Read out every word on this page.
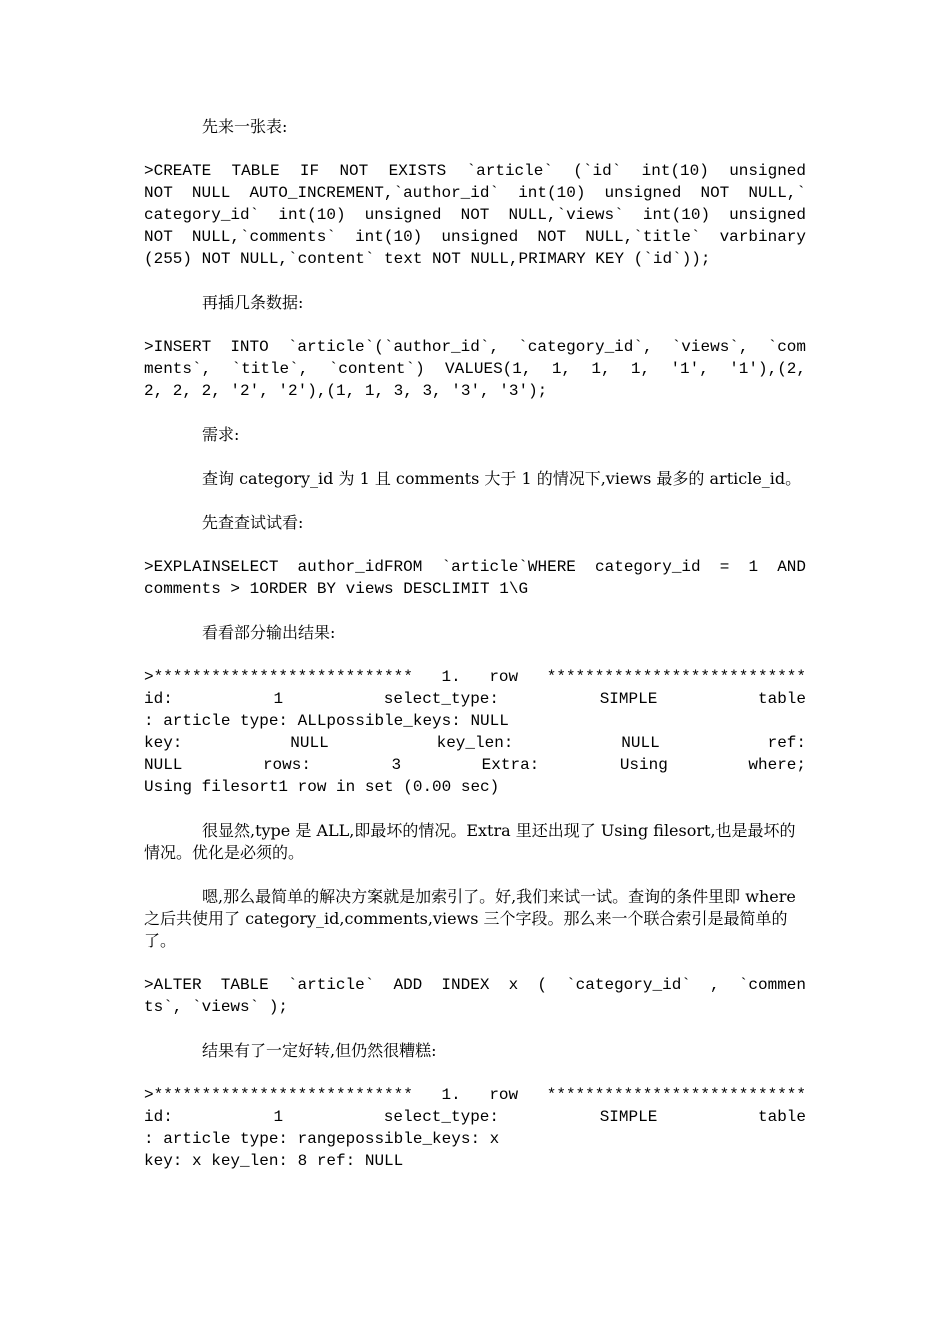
先来一张表:

>CREATE TABLE IF NOT EXISTS `article` (`id` int(10) unsigned
NOT NULL AUTO_INCREMENT,`author_id` int(10) unsigned NOT NULL,`
category_id` int(10) unsigned NOT NULL,`views` int(10) unsigned
NOT NULL,`comments` int(10) unsigned NOT NULL,`title` varbinary
(255) NOT NULL,`content` text NOT NULL,PRIMARY KEY (`id`));

再插几条数据:

>INSERT INTO `article`(`author_id`, `category_id`, `views`, `com
ments`, `title`, `content`) VALUES(1, 1, 1, 1, '1', '1'),(2,
2, 2, 2, '2', '2'),(1, 1, 3, 3, '3', '3');

需求:

查询 category_id 为 1 且 comments 大于 1 的情况下,views 最多的 article_id。

先查查试试看:

>EXPLAINSELECT author_idFROM `article`WHERE category_id = 1 AND
comments > 1ORDER BY views DESCLIMIT 1\G

看看部分输出结果:

>*************************** 1. row ***************************
id: 1 select_type: SIMPLE table
: article type: ALLpossible_keys: NULL
key: NULL key_len: NULL ref:
NULL rows: 3 Extra: Using where;
Using filesort1 row in set (0.00 sec)

很显然,type 是 ALL,即最坏的情况。Extra 里还出现了 Using filesort,也是最坏的情况。优化是必须的。

嗯,那么最简单的解决方案就是加索引了。好,我们来试一试。查询的条件里即 where 之后共使用了 category_id,comments,views 三个字段。那么来一个联合索引是最简单的了。

>ALTER TABLE `article` ADD INDEX x ( `category_id` , `commen
ts`, `views` );

结果有了一定好转,但仍然很糟糕:

>*************************** 1. row ***************************
id: 1 select_type: SIMPLE table
: article type: rangepossible_keys: x
key: x key_len: 8 ref: NULL
